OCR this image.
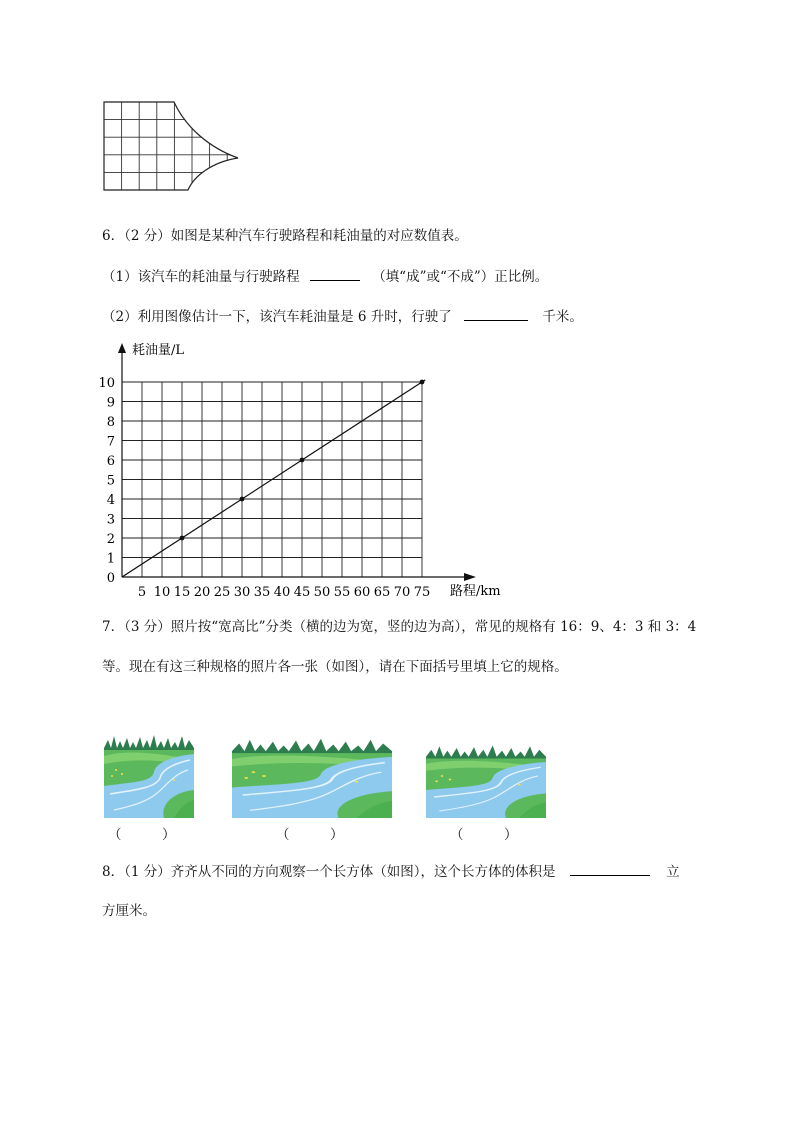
6．（2 分）如图是某种汽车行驶路程和耗油量的对应数值表。
（1）该汽车的耗油量与行驶路程	（填“成”或“不成”）正比例。
（2）利用图像估计一下，该汽车耗油量是 6 升时，行驶了	千米。
5 10 15 20 25 30 35 40 45 50 55 60 65 70 75
0
1
2
3
4
5
6
7
8
9
10
耗油量/L
路程/km
7．（3 分）照片按“宽高比”分类（横的边为宽，竖的边为高），常见的规格有 16：9、4：3 和 3：4
等。现在有这三种规格的照片各一张（如图），请在下面括号里填上它的规格。
（　　　）	（　　　）	（　　　）
8．（1 分）齐齐从不同的方向观察一个长方体（如图），这个长方体的体积是	立
方厘米。
